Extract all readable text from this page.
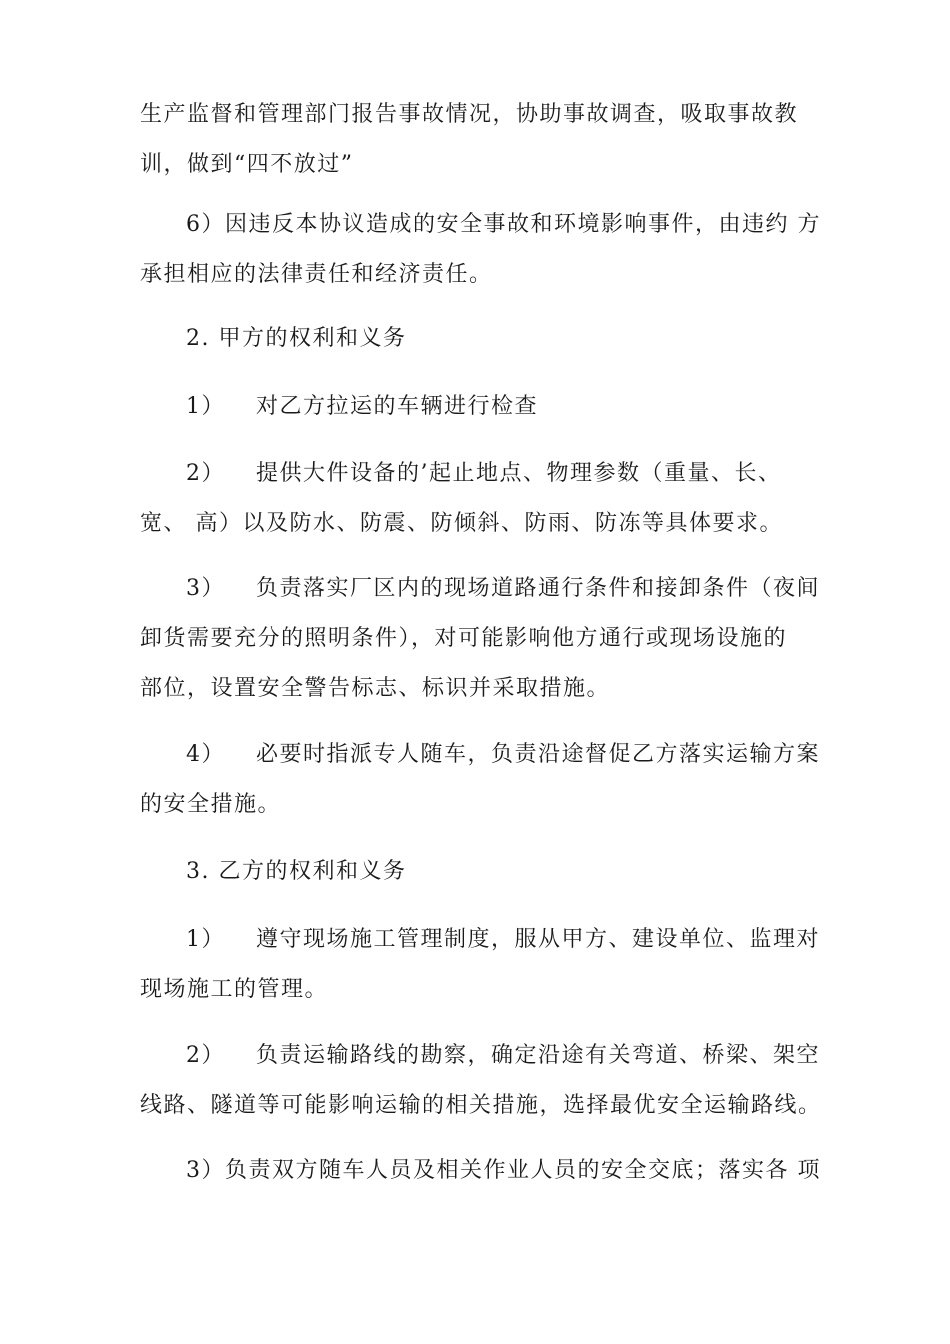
生产监督和管理部门报告事故情况，协助事故调查，吸取事故教
训，做到“四不放过”
6）因违反本协议造成的安全事故和环境影响事件，由违约 方
承担相应的法律责任和经济责任。
2. 甲方的权利和义务
1） 对乙方拉运的车辆进行检查
2） 提供大件设备的’起止地点、物理参数（重量、长、
宽、 高）以及防水、防震、防倾斜、防雨、防冻等具体要求。
3） 负责落实厂区内的现场道路通行条件和接卸条件（夜间
卸货需要充分的照明条件），对可能影响他方通行或现场设施的
部位，设置安全警告标志、标识并采取措施。
4） 必要时指派专人随车，负责沿途督促乙方落实运输方案
的安全措施。
3. 乙方的权利和义务
1） 遵守现场施工管理制度，服从甲方、建设单位、监理对
现场施工的管理。
2） 负责运输路线的勘察，确定沿途有关弯道、桥梁、架空
线路、隧道等可能影响运输的相关措施，选择最优安全运输路线。
3）负责双方随车人员及相关作业人员的安全交底；落实各 项
